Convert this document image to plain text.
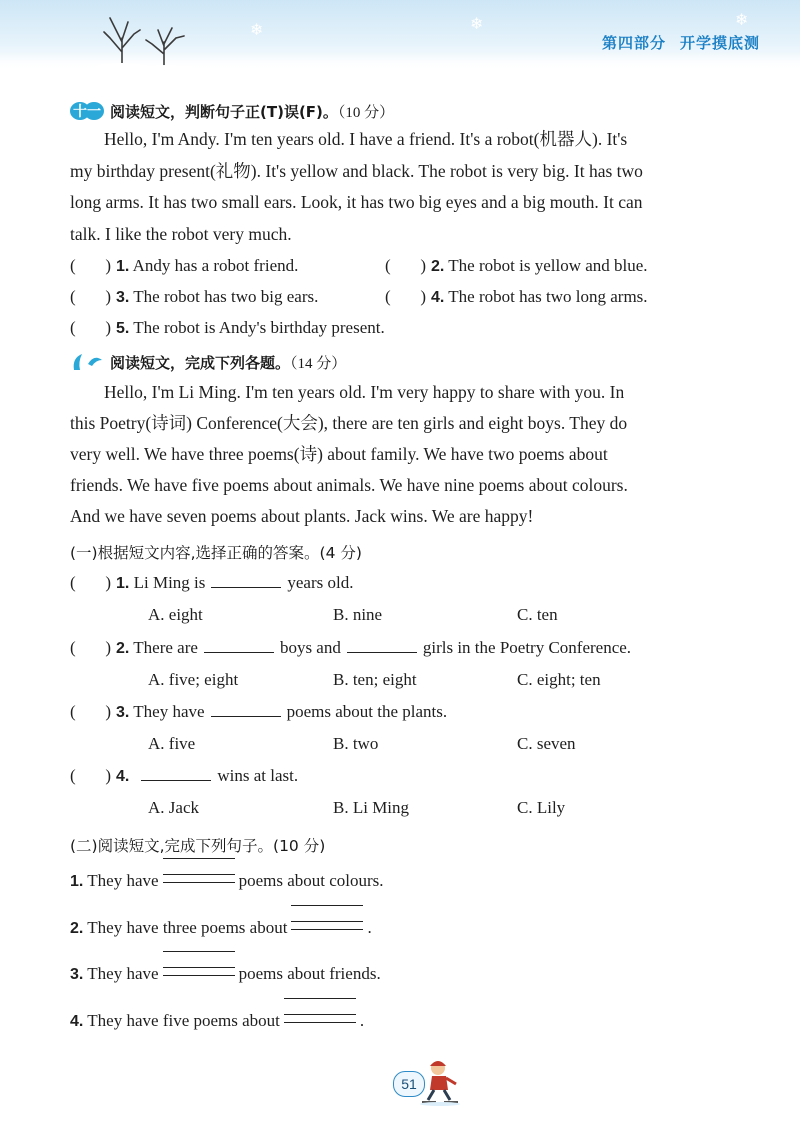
❄	❄	❄
第四部分 开学摸底测
十一 阅读短文，判断句子正(T)误(F)。（10 分）
Hello, I'm Andy. I'm ten years old. I have a friend. It's a robot(机器人). It's
my birthday present(礼物). It's yellow and black. The robot is very big. It has two
long arms. It has two small ears. Look, it has two big eyes and a big mouth. It can
talk. I like the robot very much.
(       ) 1. Andy has a robot friend.	(       ) 2. The robot is yellow and blue.
(       ) 3. The robot has two big ears.	(       ) 4. The robot has two long arms.
(       ) 5. The robot is Andy's birthday present.
阅读短文，完成下列各题。（14 分）
Hello, I'm Li Ming. I'm ten years old. I'm very happy to share with you. In
this Poetry(诗词) Conference(大会), there are ten girls and eight boys. They do
very well. We have three poems(诗) about family. We have two poems about
friends. We have five poems about animals. We have nine poems about colours.
And we have seven poems about plants. Jack wins. We are happy!
(一)根据短文内容,选择正确的答案。(4 分)
(       ) 1. Li Ming is	years old.
A. eight	B. nine	C. ten
(       ) 2. There are	boys and	girls in the Poetry Conference.
A. five; eight	B. ten; eight	C. eight; ten
(       ) 3. They have	poems about the plants.
A. five	B. two	C. seven
(       ) 4.	wins at last.
A. Jack	B. Li Ming	C. Lily
(二)阅读短文,完成下列句子。(10 分)
1. They have	poems about colours.
2. They have three poems about	.
3. They have	poems about friends.
4. They have five poems about	.
51
